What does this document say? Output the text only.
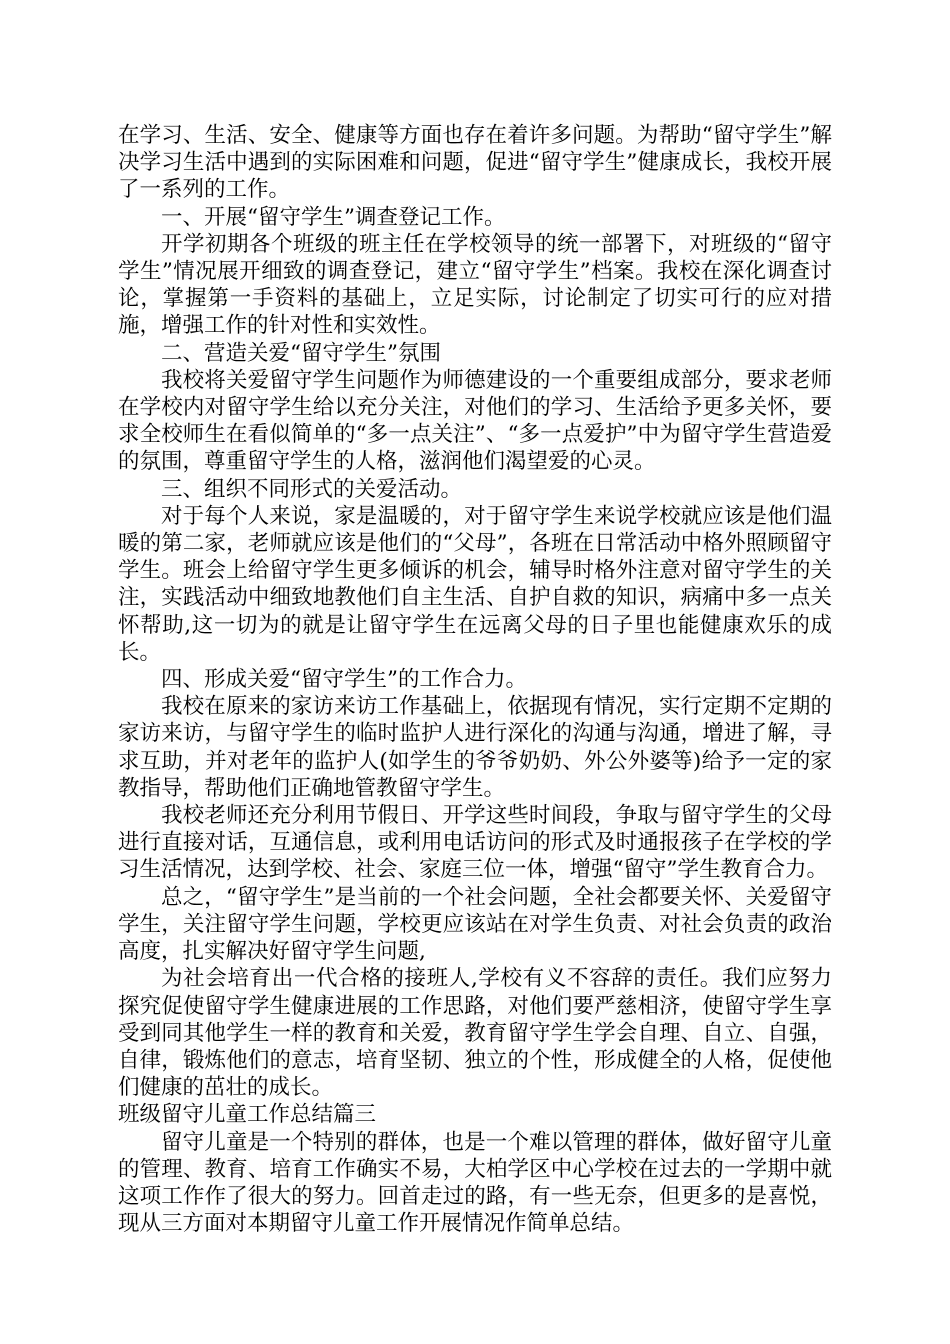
在学习、生活、安全、健康等方面也存在着许多问题。为帮助“留守学生”解决学习生活中遇到的实际困难和问题，促进“留守学生”健康成长，我校开展了一系列的工作。

一、开展“留守学生”调查登记工作。

开学初期各个班级的班主任在学校领导的统一部署下，对班级的“留守学生”情况展开细致的调查登记，建立“留守学生”档案。我校在深化调查讨论，掌握第一手资料的基础上，立足实际，讨论制定了切实可行的应对措施，增强工作的针对性和实效性。

二、营造关爱“留守学生”氛围

我校将关爱留守学生问题作为师德建设的一个重要组成部分，要求老师在学校内对留守学生给以充分关注，对他们的学习、生活给予更多关怀，要求全校师生在看似简单的“多一点关注”、“多一点爱护”中为留守学生营造爱的氛围，尊重留守学生的人格，滋润他们渴望爱的心灵。

三、组织不同形式的关爱活动。

对于每个人来说，家是温暖的，对于留守学生来说学校就应该是他们温暖的第二家，老师就应该是他们的“父母”，各班在日常活动中格外照顾留守学生。班会上给留守学生更多倾诉的机会，辅导时格外注意对留守学生的关注，实践活动中细致地教他们自主生活、自护自救的知识，病痛中多一点关怀帮助,这一切为的就是让留守学生在远离父母的日子里也能健康欢乐的成长。

四、形成关爱“留守学生”的工作合力。

我校在原来的家访来访工作基础上，依据现有情况，实行定期不定期的家访来访，与留守学生的临时监护人进行深化的沟通与沟通，增进了解，寻求互助，并对老年的监护人(如学生的爷爷奶奶、外公外婆等)给予一定的家教指导，帮助他们正确地管教留守学生。

我校老师还充分利用节假日、开学这些时间段，争取与留守学生的父母进行直接对话，互通信息，或利用电话访问的形式及时通报孩子在学校的学习生活情况，达到学校、社会、家庭三位一体，增强“留守”学生教育合力。

总之，“留守学生”是当前的一个社会问题，全社会都要关怀、关爱留守学生，关注留守学生问题，学校更应该站在对学生负责、对社会负责的政治高度，扎实解决好留守学生问题,

为社会培育出一代合格的接班人,学校有义不容辞的责任。我们应努力探究促使留守学生健康进展的工作思路，对他们要严慈相济，使留守学生享受到同其他学生一样的教育和关爱，教育留守学生学会自理、自立、自强，自律，锻炼他们的意志，培育坚韧、独立的个性，形成健全的人格，促使他们健康的茁壮的成长。

班级留守儿童工作总结篇三

留守儿童是一个特别的群体，也是一个难以管理的群体，做好留守儿童的管理、教育、培育工作确实不易，大柏学区中心学校在过去的一学期中就这项工作作了很大的努力。回首走过的路，有一些无奈，但更多的是喜悦，现从三方面对本期留守儿童工作开展情况作简单总结。
